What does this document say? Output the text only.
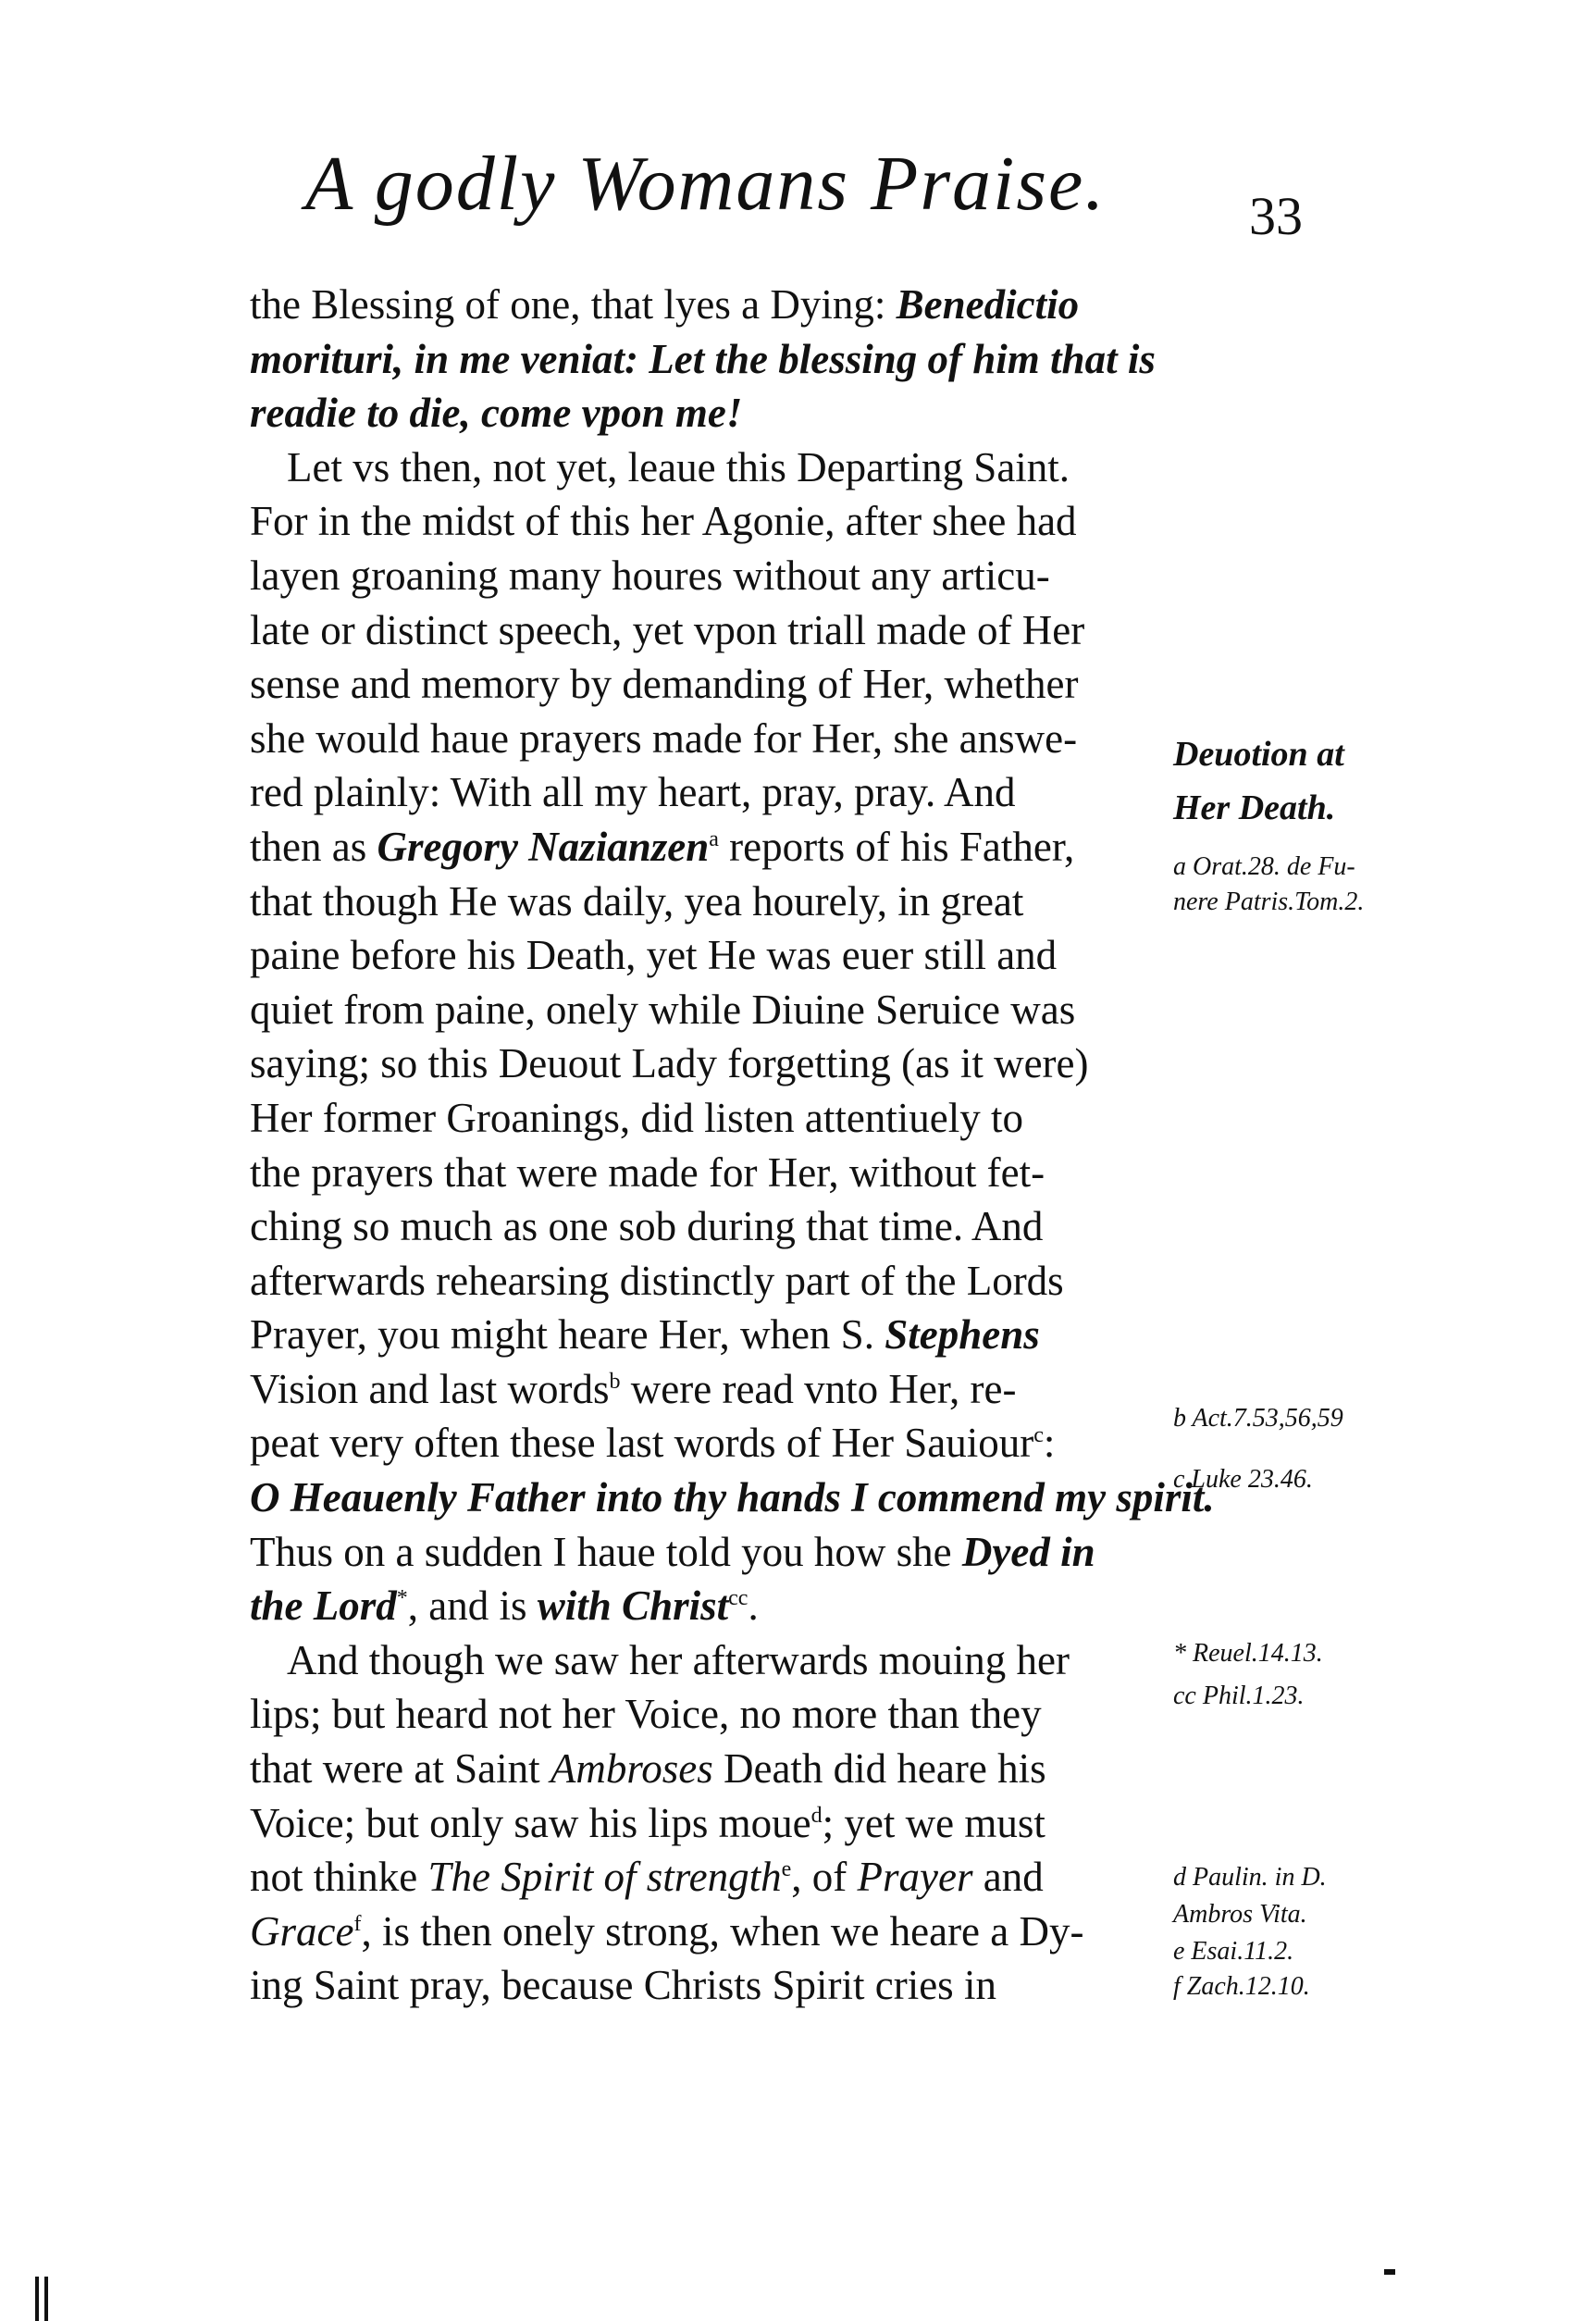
A godly Womans Praise.	33
the Blessing of one, that lyes a Dying: Benedictio
morituri, in me veniat: Let the blessing of him that is
readie to die, come vpon me!
Let vs then, not yet, leaue this Departing Saint.
For in the midst of this her Agonie, after shee had
layen groaning many houres without any articu-
late or distinct speech, yet vpon triall made of Her
sense and memory by demanding of Her, whether
she would haue prayers made for Her, she answe-
red plainly: With all my heart, pray, pray. And
then as Gregory Nazianzen$^a$ reports of his Father,
that though He was daily, yea hourely, in great
paine before his Death, yet He was euer still and
quiet from paine, onely while Diuine Seruice was
saying; so this Deuout Lady forgetting (as it were)
Her former Groanings, did listen attentiuely to
the prayers that were made for Her, without fet-
ching so much as one sob during that time. And
afterwards rehearsing distinctly part of the Lords
Prayer, you might heare Her, when S. Stephens
Vision and last words$^b$ were read vnto Her, re-
peat very often these last words of Her Sauiour$^c$:
O Heauenly Father into thy hands I commend my spirit.
Thus on a sudden I haue told you how she Dyed in
the Lord*, and is with Christ$^{cc}$.
And though we saw her afterwards mouing her
lips; but heard not her Voice, no more than they
that were at Saint Ambroses Death did heare his
Voice; but only saw his lips moue$^d$; yet we must
not thinke The Spirit of strength$^e$, of Prayer and
Grace$^f$, is then onely strong, when we heare a Dy-
ing Saint pray, because Christs Spirit cries in
Deuotion at
Her Death.
a Orat.28. de Fu-
nere Patris.Tom.2.
b Act.7.53,56,59
c Luke 23.46.
* Reuel.14.13.
cc Phil.1.23.
d Paulin. in D.
Ambros Vita.
e Esai.11.2.
f Zach.12.10.
